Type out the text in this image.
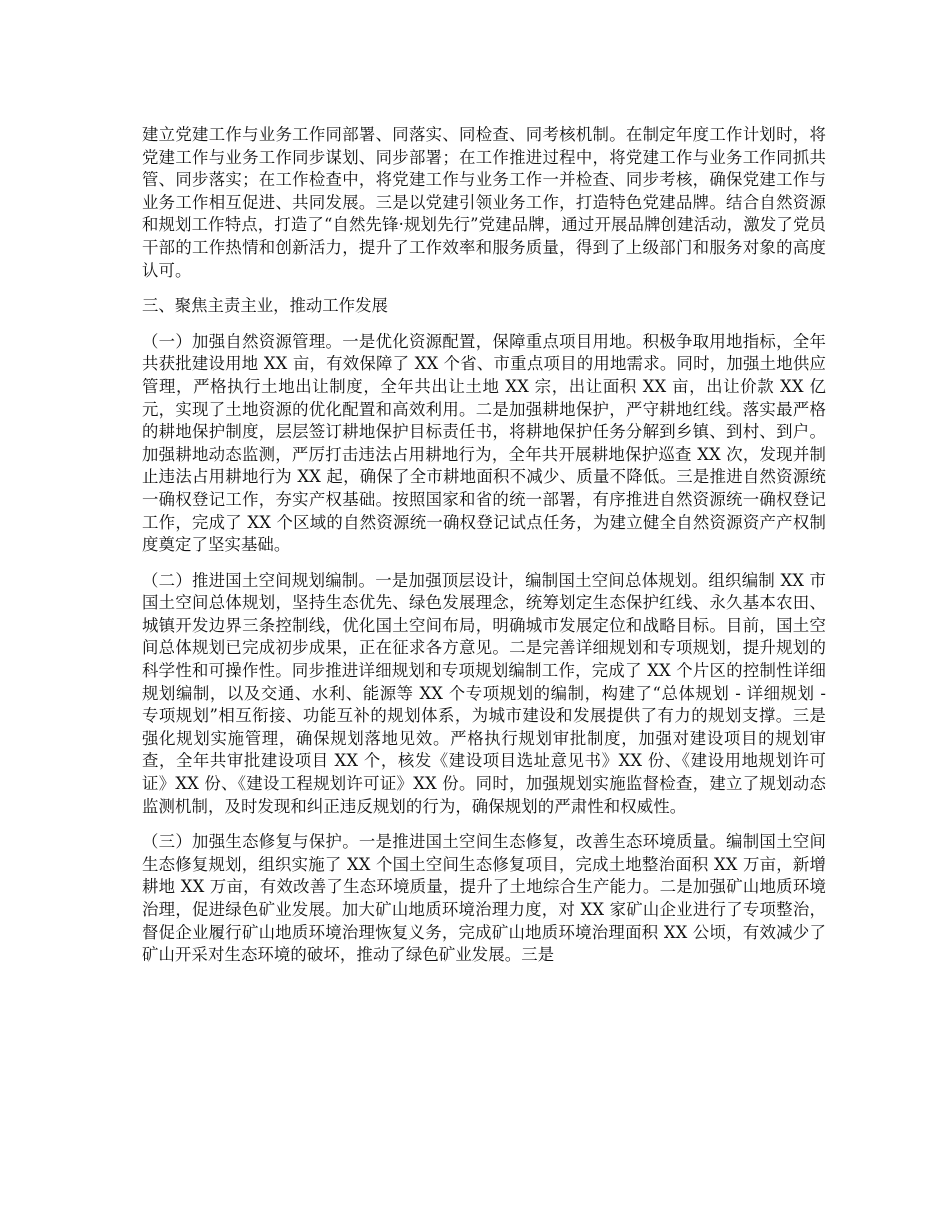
建立党建工作与业务工作同部署、同落实、同检查、同考核机制。在制定年度工作计划时，将党建工作与业务工作同步谋划、同步部署；在工作推进过程中，将党建工作与业务工作同抓共管、同步落实；在工作检查中，将党建工作与业务工作一并检查、同步考核，确保党建工作与业务工作相互促进、共同发展。三是以党建引领业务工作，打造特色党建品牌。结合自然资源和规划工作特点，打造了“自然先锋·规划先行”党建品牌，通过开展品牌创建活动，激发了党员干部的工作热情和创新活力，提升了工作效率和服务质量，得到了上级部门和服务对象的高度认可。

三、聚焦主责主业，推动工作发展

（一）加强自然资源管理。一是优化资源配置，保障重点项目用地。积极争取用地指标，全年共获批建设用地 XX 亩，有效保障了 XX 个省、市重点项目的用地需求。同时，加强土地供应管理，严格执行土地出让制度，全年共出让土地 XX 宗，出让面积 XX 亩，出让价款 XX 亿元，实现了土地资源的优化配置和高效利用。二是加强耕地保护，严守耕地红线。落实最严格的耕地保护制度，层层签订耕地保护目标责任书，将耕地保护任务分解到乡镇、到村、到户。加强耕地动态监测，严厉打击违法占用耕地行为，全年共开展耕地保护巡查 XX 次，发现并制止违法占用耕地行为 XX 起，确保了全市耕地面积不减少、质量不降低。三是推进自然资源统一确权登记工作，夯实产权基础。按照国家和省的统一部署，有序推进自然资源统一确权登记工作，完成了 XX 个区域的自然资源统一确权登记试点任务，为建立健全自然资源资产产权制度奠定了坚实基础。

（二）推进国土空间规划编制。一是加强顶层设计，编制国土空间总体规划。组织编制 XX 市国土空间总体规划，坚持生态优先、绿色发展理念，统筹划定生态保护红线、永久基本农田、城镇开发边界三条控制线，优化国土空间布局，明确城市发展定位和战略目标。目前，国土空间总体规划已完成初步成果，正在征求各方意见。二是完善详细规划和专项规划，提升规划的科学性和可操作性。同步推进详细规划和专项规划编制工作，完成了 XX 个片区的控制性详细规划编制，以及交通、水利、能源等 XX 个专项规划的编制，构建了“总体规划 - 详细规划 - 专项规划”相互衔接、功能互补的规划体系，为城市建设和发展提供了有力的规划支撑。三是强化规划实施管理，确保规划落地见效。严格执行规划审批制度，加强对建设项目的规划审查，全年共审批建设项目 XX 个，核发《建设项目选址意见书》XX 份、《建设用地规划许可证》XX 份、《建设工程规划许可证》XX 份。同时，加强规划实施监督检查，建立了规划动态监测机制，及时发现和纠正违反规划的行为，确保规划的严肃性和权威性。

（三）加强生态修复与保护。一是推进国土空间生态修复，改善生态环境质量。编制国土空间生态修复规划，组织实施了 XX 个国土空间生态修复项目，完成土地整治面积 XX 万亩，新增耕地 XX 万亩，有效改善了生态环境质量，提升了土地综合生产能力。二是加强矿山地质环境治理，促进绿色矿业发展。加大矿山地质环境治理力度，对 XX 家矿山企业进行了专项整治，督促企业履行矿山地质环境治理恢复义务，完成矿山地质环境治理面积 XX 公顷，有效减少了矿山开采对生态环境的破坏，推动了绿色矿业发展。三是
